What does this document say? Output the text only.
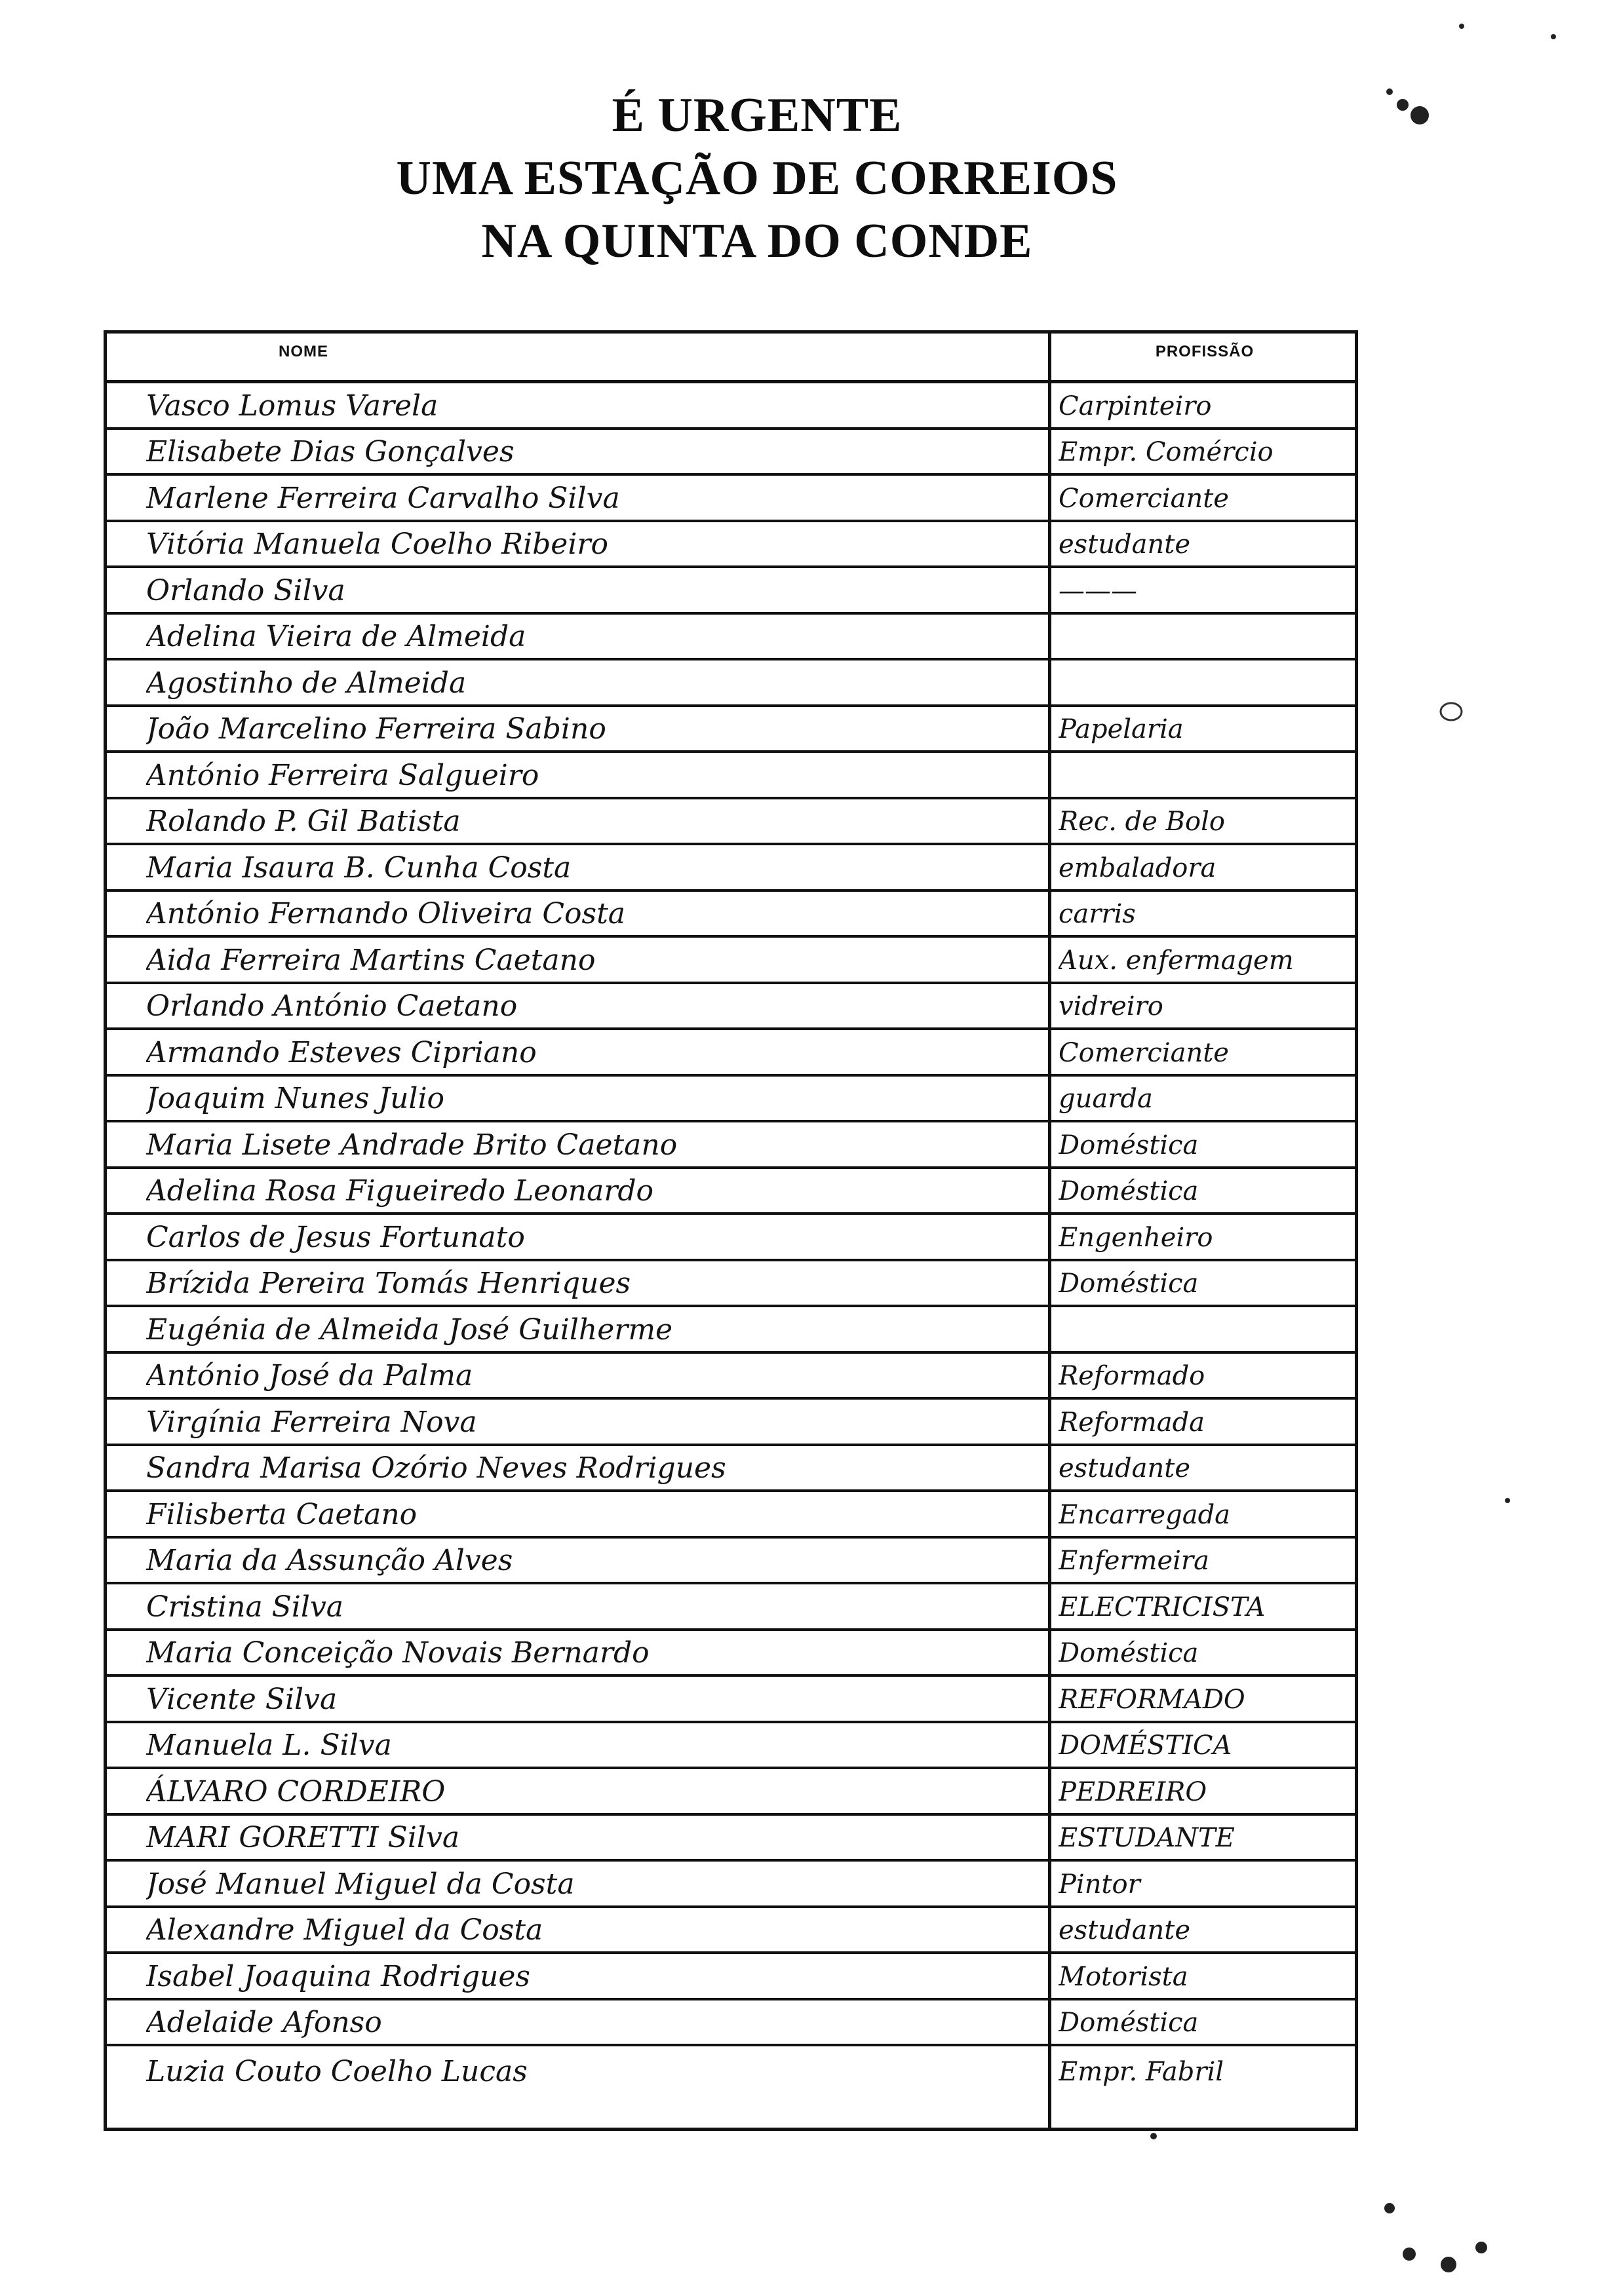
É URGENTE
UMA ESTAÇÃO DE CORREIOS
NA QUINTA DO CONDE
NOME	PROFISSÃO
Vasco Lomus Varela	Carpinteiro
Elisabete Dias Gonçalves	Empr. Comércio
Marlene Ferreira Carvalho Silva	Comerciante
Vitória Manuela Coelho Ribeiro	estudante
Orlando Silva	———
Adelina Vieira de Almeida
Agostinho de Almeida
João Marcelino Ferreira Sabino	Papelaria
António Ferreira Salgueiro
Rolando P. Gil Batista	Rec. de Bolo
Maria Isaura B. Cunha Costa	embaladora
António Fernando Oliveira Costa	carris
Aida Ferreira Martins Caetano	Aux. enfermagem
Orlando António Caetano	vidreiro
Armando Esteves Cipriano	Comerciante
Joaquim Nunes Julio	guarda
Maria Lisete Andrade Brito Caetano	Doméstica
Adelina Rosa Figueiredo Leonardo	Doméstica
Carlos de Jesus Fortunato	Engenheiro
Brízida Pereira Tomás Henriques	Doméstica
Eugénia de Almeida José Guilherme
António José da Palma	Reformado
Virgínia Ferreira Nova	Reformada
Sandra Marisa Ozório Neves Rodrigues	estudante
Filisberta Caetano	Encarregada
Maria da Assunção Alves	Enfermeira
Cristina Silva	ELECTRICISTA
Maria Conceição Novais Bernardo	Doméstica
Vicente Silva	REFORMADO
Manuela L. Silva	DOMÉSTICA
ÁLVARO CORDEIRO	PEDREIRO
MARI GORETTI Silva	ESTUDANTE
José Manuel Miguel da Costa	Pintor
Alexandre Miguel da Costa	estudante
Isabel Joaquina Rodrigues	Motorista
Adelaide Afonso	Doméstica
Luzia Couto Coelho Lucas	Empr. Fabril
